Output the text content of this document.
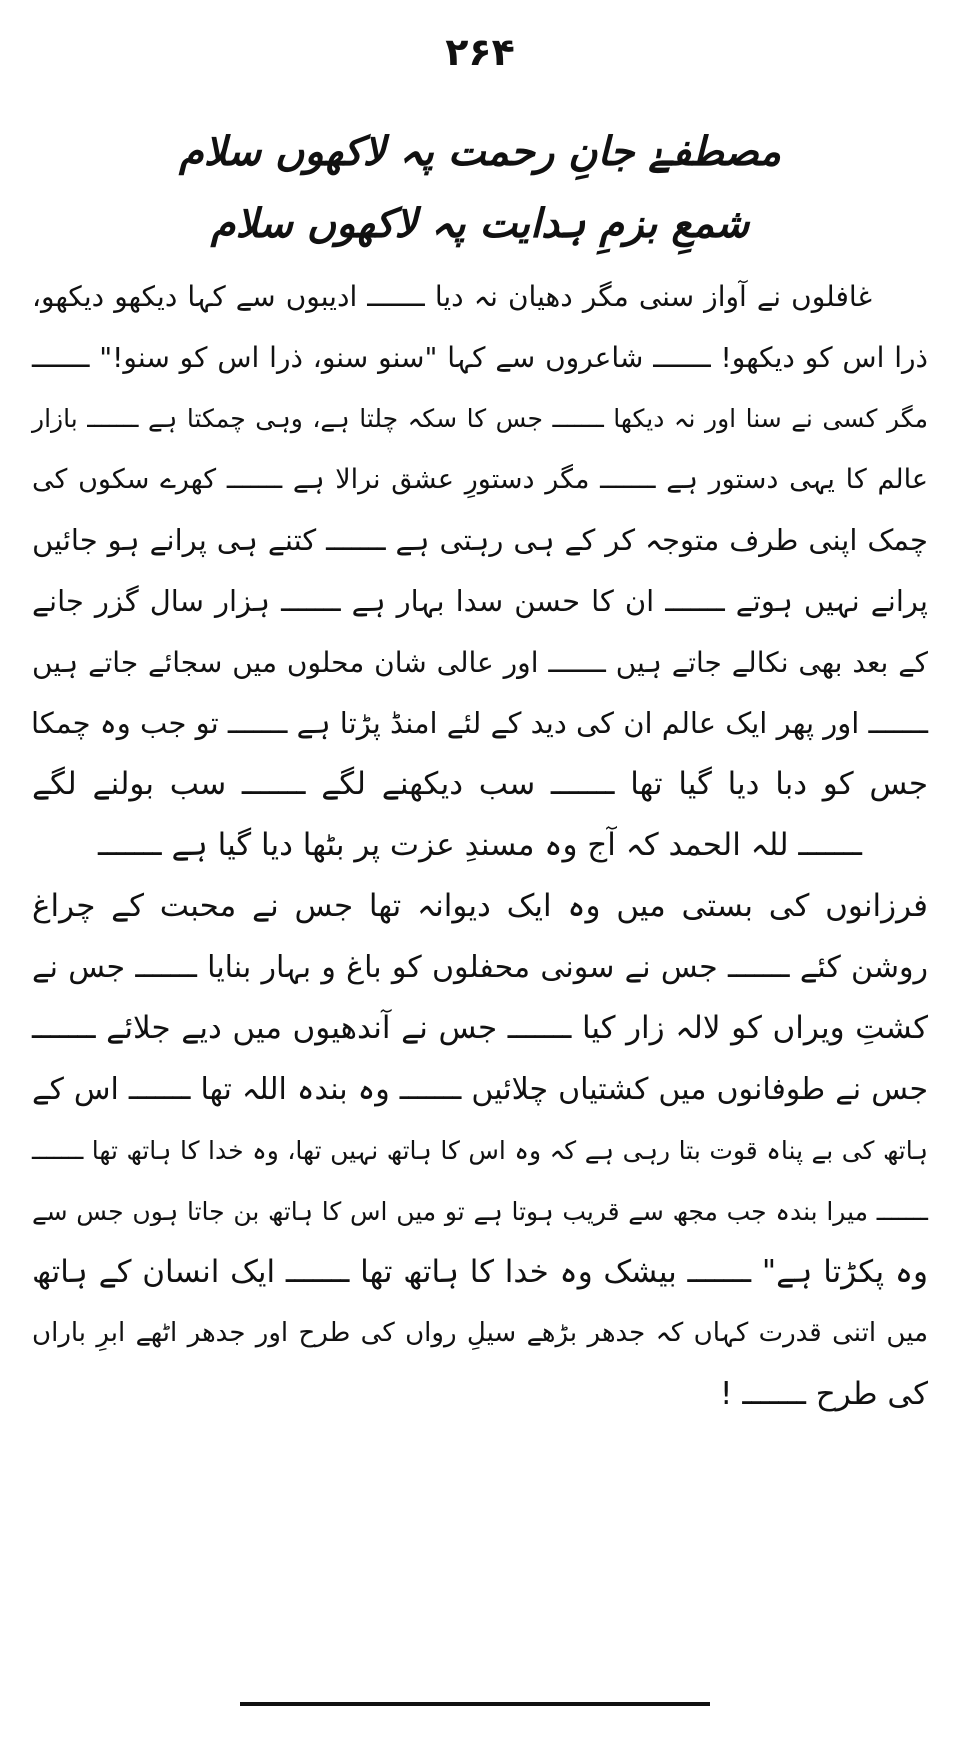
۲۶۴
مصطفےٰ جانِ رحمت پہ لاکھوں سلام
شمعِ بزمِ ہدایت پہ لاکھوں سلام
غافلوں نے آواز سنی مگر دھیان نہ دیا ـــــــ ادیبوں سے کہا دیکھو دیکھو،
ذرا اس کو دیکھو! ـــــــ شاعروں سے کہا "سنو سنو، ذرا اس کو سنو!" ـــــــ
مگر کسی نے سنا اور نہ دیکھا ـــــــ جس کا سکہ چلتا ہے، وہی چمکتا ہے ـــــــ بازار
عالم کا یہی دستور ہے ـــــــ مگر دستورِ عشق نرالا ہے ـــــــ کھرے سکوں کی
چمک اپنی طرف متوجہ کر کے ہی رہتی ہے ـــــــ کتنے ہی پرانے ہو جائیں
پرانے نہیں ہوتے ـــــــ ان کا حسن سدا بہار ہے ـــــــ ہزار سال گزر جانے
کے بعد بھی نکالے جاتے ہیں ـــــــ اور عالی شان محلوں میں سجائے جاتے ہیں
ـــــــ اور پھر ایک عالم ان کی دید کے لئے امنڈ پڑتا ہے ـــــــ تو جب وہ چمکا
جس کو دبا دیا گیا تھا ـــــــ سب دیکھنے لگے ـــــــ سب بولنے لگے
ـــــــ للہ الحمد کہ آج وہ مسندِ عزت پر بٹھا دیا گیا ہے ـــــــ
فرزانوں کی بستی میں وہ ایک دیوانہ تھا جس نے محبت کے چراغ
روشن کئے ـــــــ جس نے سونی محفلوں کو باغ و بہار بنایا ـــــــ جس نے
کشتِ ویراں کو لالہ زار کیا ـــــــ جس نے آندھیوں میں دیے جلائے ـــــــ
جس نے طوفانوں میں کشتیاں چلائیں ـــــــ وہ بندہ اللہ تھا ـــــــ اس کے
ہاتھ کی بے پناہ قوت بتا رہی ہے کہ وہ اس کا ہاتھ نہیں تھا، وہ خدا کا ہاتھ تھا ـــــــ
ـــــــ میرا بندہ جب مجھ سے قریب ہوتا ہے تو میں اس کا ہاتھ بن جاتا ہوں جس سے
وہ پکڑتا ہے" ـــــــ بیشک وہ خدا کا ہاتھ تھا ـــــــ ایک انسان کے ہاتھ
میں اتنی قدرت کہاں کہ جدھر بڑھے سیلِ رواں کی طرح اور جدھر اٹھے ابرِ باراں
کی طرح ـــــــ !
